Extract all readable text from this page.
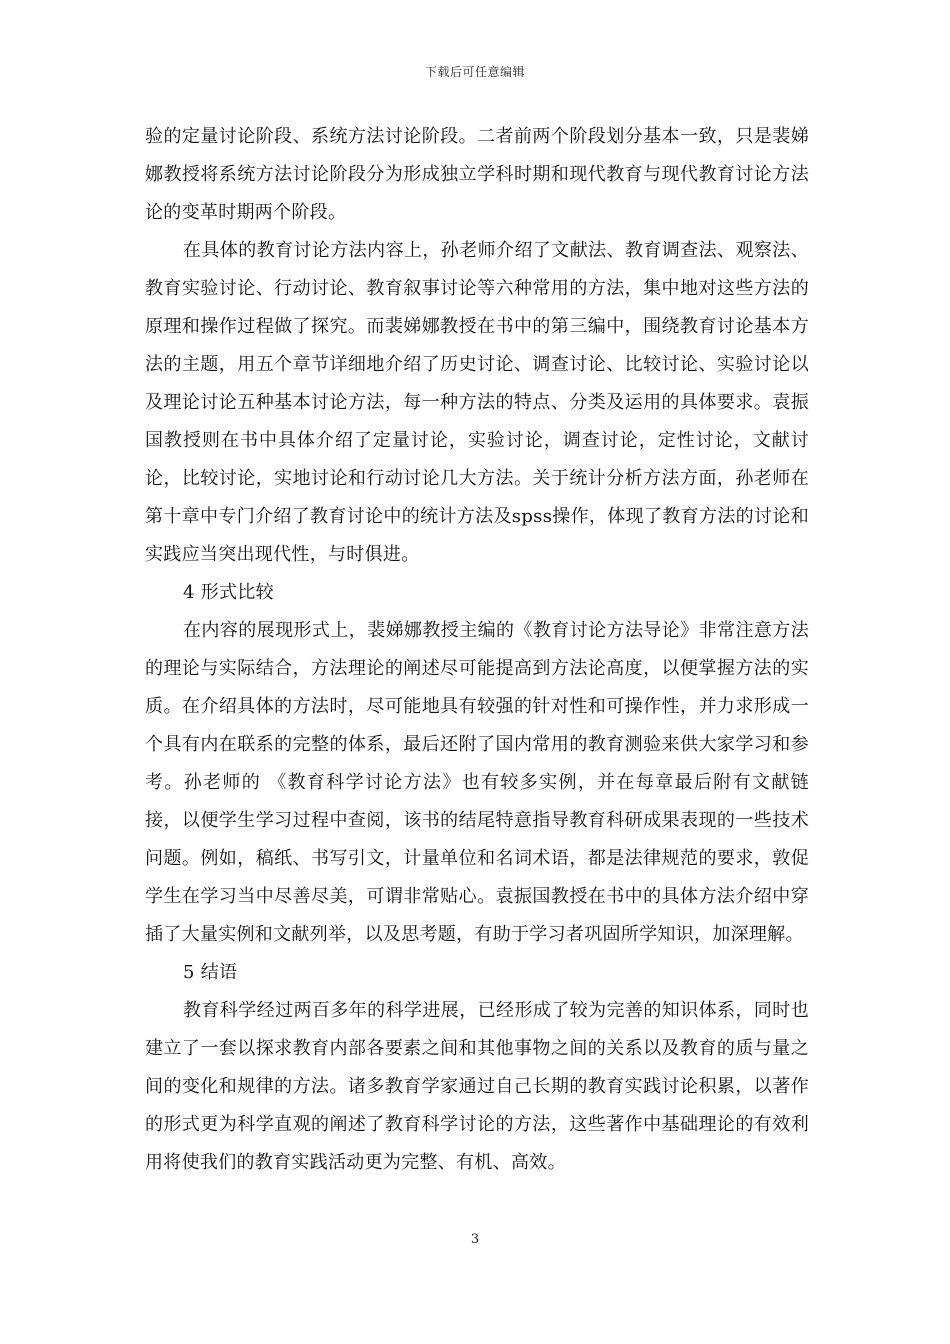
下载后可任意编辑

验的定量讨论阶段、系统方法讨论阶段。二者前两个阶段划分基本一致，只是裴娣娜教授将系统方法讨论阶段分为形成独立学科时期和现代教育与现代教育讨论方法论的变革时期两个阶段。

在具体的教育讨论方法内容上，孙老师介绍了文献法、教育调查法、观察法、教育实验讨论、行动讨论、教育叙事讨论等六种常用的方法，集中地对这些方法的原理和操作过程做了探究。而裴娣娜教授在书中的第三编中，围绕教育讨论基本方法的主题，用五个章节详细地介绍了历史讨论、调查讨论、比较讨论、实验讨论以及理论讨论五种基本讨论方法，每一种方法的特点、分类及运用的具体要求。袁振国教授则在书中具体介绍了定量讨论，实验讨论，调查讨论，定性讨论，文献讨论，比较讨论，实地讨论和行动讨论几大方法。关于统计分析方法方面，孙老师在第十章中专门介绍了教育讨论中的统计方法及spss操作，体现了教育方法的讨论和实践应当突出现代性，与时俱进。

4 形式比较

在内容的展现形式上，裴娣娜教授主编的《教育讨论方法导论》非常注意方法的理论与实际结合，方法理论的阐述尽可能提高到方法论高度，以便掌握方法的实质。在介绍具体的方法时，尽可能地具有较强的针对性和可操作性，并力求形成一个具有内在联系的完整的体系，最后还附了国内常用的教育测验来供大家学习和参考。孙老师的 《教育科学讨论方法》也有较多实例，并在每章最后附有文献链接，以便学生学习过程中查阅，该书的结尾特意指导教育科研成果表现的一些技术问题。例如，稿纸、书写引文，计量单位和名词术语，都是法律规范的要求，敦促学生在学习当中尽善尽美，可谓非常贴心。袁振国教授在书中的具体方法介绍中穿插了大量实例和文献列举，以及思考题，有助于学习者巩固所学知识，加深理解。

5 结语

教育科学经过两百多年的科学进展，已经形成了较为完善的知识体系，同时也建立了一套以探求教育内部各要素之间和其他事物之间的关系以及教育的质与量之间的变化和规律的方法。诸多教育学家通过自己长期的教育实践讨论积累，以著作的形式更为科学直观的阐述了教育科学讨论的方法，这些著作中基础理论的有效利用将使我们的教育实践活动更为完整、有机、高效。

3
